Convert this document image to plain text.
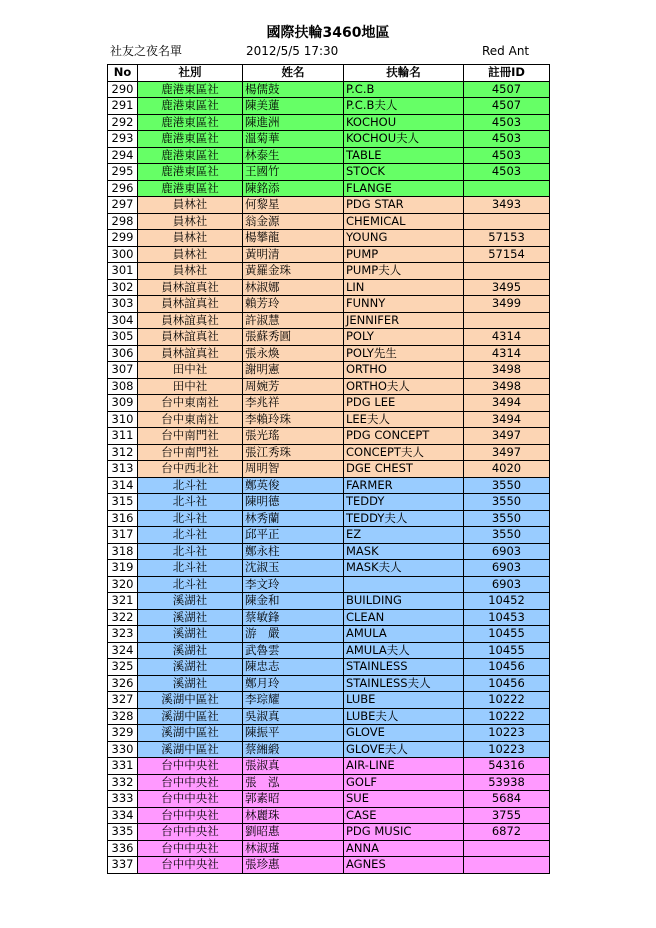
國際扶輪3460地區
社友之夜名單	2012/5/5 17:30	Red Ant
No	社別	姓名	扶輪名	註冊ID
290	鹿港東區社	楊儒鼓	P.C.B	4507
291	鹿港東區社	陳美蓮	P.C.B夫人	4507
292	鹿港東區社	陳進洲	KOCHOU	4503
293	鹿港東區社	溫菊華	KOCHOU夫人	4503
294	鹿港東區社	林泰生	TABLE	4503
295	鹿港東區社	王國竹	STOCK	4503
296	鹿港東區社	陳銘添	FLANGE	
297	員林社	何黎星	PDG STAR	3493
298	員林社	翁金源	CHEMICAL	
299	員林社	楊攀龍	YOUNG	57153
300	員林社	黃明清	PUMP	57154
301	員林社	黃羅金珠	PUMP夫人	
302	員林誼真社	林淑娜	LIN	3495
303	員林誼真社	賴芳玲	FUNNY	3499
304	員林誼真社	許淑慧	JENNIFER	
305	員林誼真社	張蘇秀圓	POLY	4314
306	員林誼真社	張永煥	POLY先生	4314
307	田中社	謝明憲	ORTHO	3498
308	田中社	周婉芳	ORTHO夫人	3498
309	台中東南社	李兆祥	PDG LEE	3494
310	台中東南社	李賴玲珠	LEE夫人	3494
311	台中南門社	張光瑤	PDG CONCEPT	3497
312	台中南門社	張江秀珠	CONCEPT夫人	3497
313	台中西北社	周明智	DGE CHEST	4020
314	北斗社	鄭英俊	FARMER	3550
315	北斗社	陳明德	TEDDY	3550
316	北斗社	林秀蘭	TEDDY夫人	3550
317	北斗社	邱平正	EZ	3550
318	北斗社	鄭永柱	MASK	6903
319	北斗社	沈淑玉	MASK夫人	6903
320	北斗社	李文玲		6903
321	溪湖社	陳金和	BUILDING	10452
322	溪湖社	蔡敏鋒	CLEAN	10453
323	溪湖社	游　嚴	AMULA	10455
324	溪湖社	武魯雲	AMULA夫人	10455
325	溪湖社	陳忠志	STAINLESS	10456
326	溪湖社	鄭月玲	STAINLESS夫人	10456
327	溪湖中區社	李琮耀	LUBE	10222
328	溪湖中區社	吳淑真	LUBE夫人	10222
329	溪湖中區社	陳振平	GLOVE	10223
330	溪湖中區社	蔡緗緞	GLOVE夫人	10223
331	台中中央社	張淑真	AIR-LINE	54316
332	台中中央社	張　泓	GOLF	53938
333	台中中央社	郭素昭	SUE	5684
334	台中中央社	林麗珠	CASE	3755
335	台中中央社	劉昭惠	PDG MUSIC	6872
336	台中中央社	林淑瑾	ANNA	
337	台中中央社	張珍惠	AGNES	
